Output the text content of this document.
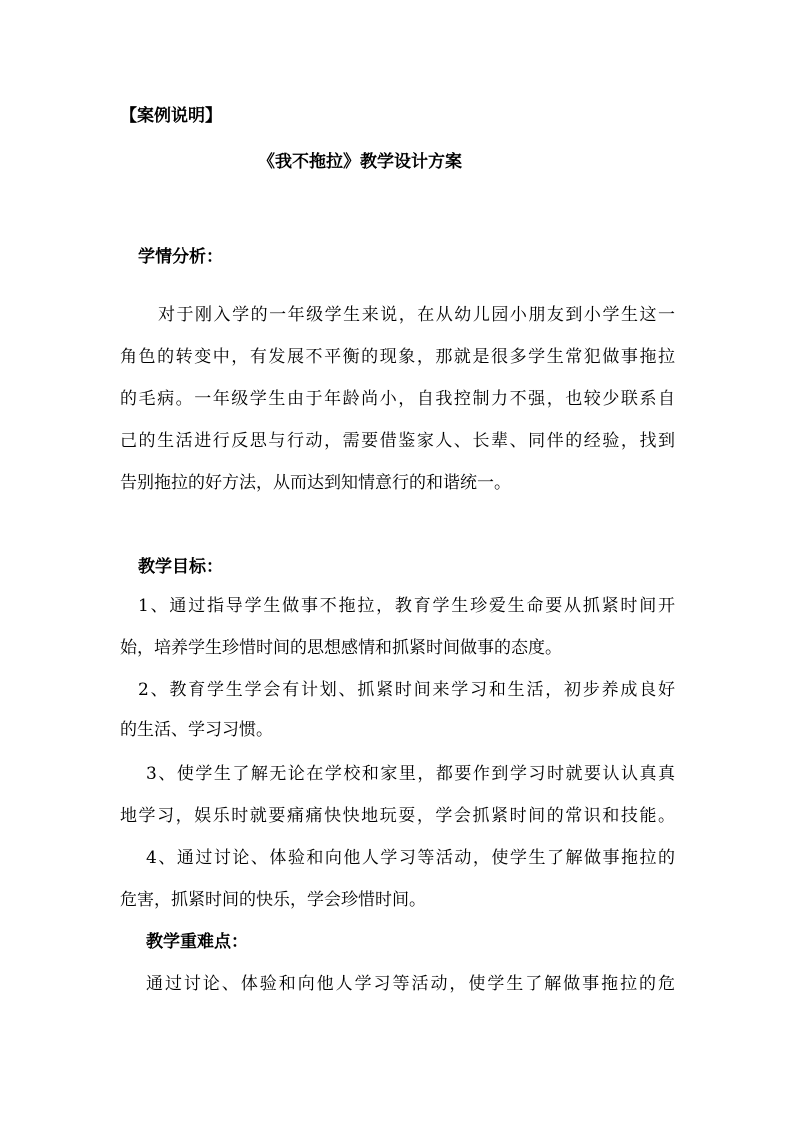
【案例说明】
《我不拖拉》教学设计方案
学情分析：
对于刚入学的一年级学生来说，在从幼儿园小朋友到小学生这一
角色的转变中，有发展不平衡的现象，那就是很多学生常犯做事拖拉
的毛病。一年级学生由于年龄尚小，自我控制力不强，也较少联系自
己的生活进行反思与行动，需要借鉴家人、长辈、同伴的经验，找到
告别拖拉的好方法，从而达到知情意行的和谐统一。
教学目标：
1、通过指导学生做事不拖拉，教育学生珍爱生命要从抓紧时间开
始，培养学生珍惜时间的思想感情和抓紧时间做事的态度。
2、教育学生学会有计划、抓紧时间来学习和生活，初步养成良好
的生活、学习习惯。
3、使学生了解无论在学校和家里，都要作到学习时就要认认真真
地学习，娱乐时就要痛痛快快地玩耍，学会抓紧时间的常识和技能。
4、通过讨论、体验和向他人学习等活动，使学生了解做事拖拉的
危害，抓紧时间的快乐，学会珍惜时间。
教学重难点：
通过讨论、体验和向他人学习等活动，使学生了解做事拖拉的危
